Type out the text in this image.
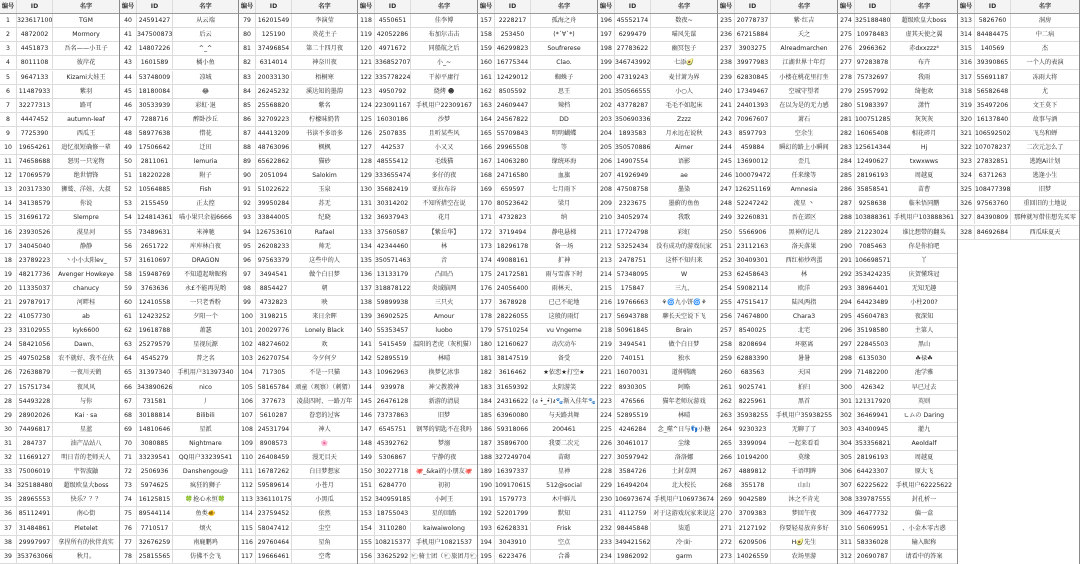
编号	ID	名字
1	323617100	TGM
2	4872002	Mormory
3	4451873	吾名——小丑子
4	8011108	彼岸花
5	9647133	Kizami大娃王
6	11487933	紫羽
7	32277313	路可
8	4447452	autumn-leaf
9	7725390	西瓜王
10	19654261	追忆很短确修一辈
11	74658688	怒男一只宠物
12	17069579	绝世情锋
13	20317330	狮鹫、洋娃、大叔
14	34138579	你说
15	31696172	Slempre
16	23930526	漠星河
17	34045040	静静
18	23789223	丶小小太阳ev_
19	48217736	Avenger Howkeye
20	11335037	chanucy
21	29787917	河畔桂
22	41057730	ab
23	33102955	kyk6600
24	58421056	Dawn、
25	49750258	农不就好、我不在伙
26	72638879	一夜川天鹤
27	15751734	夜风风
28	54493228	与你
29	28902026	Kai · sa
30	74496817	星蓝
31	284737	油产品站八
32	11669127	明日青的老师天人
33	75006019	宇智波鼬
34 325188480	超级欧皇大boss
35	28965553	快乐？？？
36	85112491	南心街
37	31484861	Pletelet
38	29997997	拿捏所有的伙伴真实
39 353763066	秋月。
编号	ID	名字
40	24591427	从云端
41 347500873	后云
42	14807226	^_^
43	1601589	橘小鱼
44	53748009	凉城
45	18180084	😂
46	30533939	彩虹·退
47	7288716	醉卧沙丘
48	58977638	惜花
49	17506642	迁田
50	2811061	lemuria
51	18220228	附子
52	10564885	Fish
53	2155459	正太控
54 124814361	喵小果只余福6666
55	73489631	米神驰
56	2651722	库库林白夜
57	31610697	DRAGON
58	15948769	不知道起啥昵称
59	3763636	永£不能再见哟
60	12410558	一只老香粉
61	12423252	夕阳一个
62	19618788	萧瑟
63	25279579	星视玩源
64	4545279	普之名
65	31397340	手机用户31397340
66 343890626	nico
67	731581	丿
68	30188814	Bilibili
69	14810646	星派
70	3080885	Nightmare
71	33239541	QQ用户33239541
72	2506936	Danshengou@
73	5974625	疯狂的狮子
74	16125815	🍀抢心永恒🍀
75	89544114	鱼类🐠
76	7710517	烦火
77	32676259	南鹿鹏鸡
78	25815565	仿佛不会飞
编号	ID	名字
79	16201549	李演莹
80	125190	炎花主子
81	37496854	第二十四月夜
82	6314014	神奈川夜
83	20033130	梧桐寒
84	26245232	溪达知的墨韵
85	25568820	紫名
86	32709223	柠檬味奶昔
87	44413209	书读不多语多
88	48763096	枫枫
89	65622862	猫砂
90	2051094	Salokim
91	51022622	玉泉
92	39950284	苏无
93	33844005	纪晓
94 126753610	Rafael
95	26208233	帅无
96	97563379	这些中的人
97	3494541	做个白日梦
98	8854427	朝
99	4732823	映
100	3198215	来日余晖
101 20029776	Lonely Black
102 48274602	欢
103 26270754	今夕何夕
104	717305	不是一只猫
105 58165784 顽童（观察）（刺猬）
106	377673	凌晨四时、一路万年
107	5610287	眷恋的过客
108 24531794	神人
109	8908573	🌸
110 26408459	漫无目天
111 16787262	白日梦想家
112 59589614	小苍月
113 336110175	小黑瓜
114 23759452	依然
115 58047412	尘空
116 29760464	星角
117 19666461	空鸢
编号	ID	名字
118	4550651	佳李博
119 42052286	布加尔击击
120	4971672	同船航之后
121 336852707	小_~
122 335778224	干掉平庸行
123	4950792	烧烤 ☻
124 223091167 手机用户22309167
125 16030186	沙梦
126	2507835	且听某些风
127	442537	小又又
128 48555412	毛线猫
129 333655474	多仔的夜
130 35682419	亚拉布谷
131 30314202	不知所措空在说
132 36937943	花月
133 37560587	【紫岳华】
134 42344460	林
135 350571463	音
136 13133179	凸回凸
137 318878122	炎域脑网
138 59899938	三只火
139 36902525	Amour
140 55353457	luobo
141	5415459	温阳的老虎（灰机猫）
142 52895519	林晴
143 10962963	换梦亿冰事
144	939978	神父教教神
145 26476128	新游的清晨
146 73737863	旧梦
147	6545751	钢琴的钥匙不在我吗
148 45392762	梦溺
149	5306867	宁静的夜
150 30227718	🐙_&kai的小朋友🐙
151	6284770	初初
152 340959185	小阿王
153 18755043	星的回路
154	3110280	kaiwaiwolong
155 108215377 手机用户10821537
156 33625292 🐑骑士团（🐑旅团月🐑
编号	ID	名字
157	2228217	孤海之舟
158	253450	(*´∀`*)
159 46299823	Soufrerese
160 16775344	Clao.
161 12429012	蜘蛛子
162	8505592	思王
163 24609447	辣档
164 24567822	DD
165 55709843	明明蝴蝶
166 29965508	等
167 14063280	缘统环海
168 24716580	血旗
169	659597	七月雨下
170 80523642	梁月
171	4732823	纳
172	3719494	静电悬梯
173 18296178	备一场
174 49088161	扩神
175 24172581	雨与雪落下时
176 24056400	雨林天、
177	3678928	已己不砣地
178 28226055	这般的雨灯
179 57510254	vu Vngeme
180 12160627	动次动车
181 38147519	备受
182	3616462	★依恋★打空★
183 31659392	太阴游笑
184 24316622 (ง •̀_•́)ง🐾渐入佳年🐾
185 63960080	与天路共舞
186 59318066	200461
187 35896700	我要二次元
188 327249704	苗砌
189 16397337	星禅
190 109170615	512@social
191	1579773	木中鲜儿
192 52201799	默知
193 62628331	Frisk
194	3043910	空点
195	6223476	合番
编号	ID	名字
196 45552174	数夜~
197	6299479	喵风先谋
198 27783622	幽冥包子
199 346743992	七添🥑
200 47319243	麦甘萧为界
201 350566555	小○人
202 43778287	毛毛不如起床
203 350690336	Zzzz
204	1893583	月永远在说秋
205 350570886	Aimer
206 14907554	语影
207 41926949	ae
208 47508758	墨染
209	2323675	墨蔚的鱼鱼
210 34052974	我歌
211 17724798	彩虹
212 53252434	没有成功的游戏玩家
213	2478751	这杯不知归来
214 57348095	W
215	175847	三九、
216 19766663	⚘🌀九小饼🌀⚘
217 56943788	聊长天空说下飞
218 50961845	Brain
219	3494541	做个白日梦
220	740151	独水
221 16070031	道伸腾跳
222	8930305	阿略
223	476566	猫年老师玩游戏
224 52895519	林晴
225	4246284	念_噬^日与👣小糖
226 30461017	尘缘
227 30597942	洛洛娜
228	3584726	土封草网
229 16494204	北大校长
230 106973674 手机用户106973674
231	4112759	对于这游戏玩家来说这
232 98445848	柒遥
233 349421562	冷·面·
234 19862092	garm
编号	ID	名字
235 20778737	紫·红吉
236 67215884	夭之
237	3903275	Alreadmarchen
238 39977983	江湖世界十年灯
239 62830845	小楼在桃花里打坐
240 17349467	空城守望者
241 24401393	在以为是的无力感
242 70967607	萧石
243	8597793	空余生
244	459884	瞬幻的路上小瞬间
245 13690012	歪几
246 100079472	任来缘等
247 126251169	Amnesia
248 52247242	流星 丶
249 32260831	吾在郊区
250	5566906	黑神的记儿
251 23112163	洛天落果
252 30409301	西红柿炒鸡蛋
253 62458643	林
254 59082114	欧洋
255 47515417	陆风两指
256 74674800	Chara3
257	8540025	北宅
258	8208694	坏驱离
259 62883390	暑暑
260	683563	天国
261	9025741	拍归
262	8225961	黑首
263 35938255	手机用户35938255
264	9230323	无聊了了
265	3399094	一起来看看
266 10194200	莫缘
267	4889812	千语明眸
268	355178	山山
269	9042589	沐之不肯光
270	3709383	梦回午夜
271	2127192	你要轻易放弃多好
272	6209506	H🥑先生
273 14026559	农场里游
编号	ID	名字
274 325188480	超级欧皇大boss
275 10978483	虚其天使之翼
276	2966362	赤dxxzzz⁴
277 97283878	布卉
278 75732697	我雨
279 25957992	绮他欢
280 51983397	潇竹
281 100751285	灰灰灰
282 16065408	相花碎月
283 125614344	Hj
284 12490627	txwxwws
285 28196193	周越夏
286 35858541	苗曹
287	9258638	临米悟同鹏
288 103888361 手机用户103888361
289 21223024	谁比想带的翻头
290	7085463	你是你拍吧
291 106698571	丫
292 353424235	庆贺懂珠冠
293 38964401	无知无趣
294 64423489	小柱200?
295 45604783	夜深知
296 35198580	主第人
297 22845503	黑山
298	6135030	☘禄☘
299 71482200	池学雅
300	426342	早已过去
301 121317920	英则
302 36469941	∟ムの Daring
303 43400945	灌九
304 353356821	Aeoldalf
305 28196193	周越夏
306 64423307	原大飞
307 62225622	手机用户62225622
308 339787555	封孔析一
309 46477732	偏一盒
310 56069951	、小金木零古惑
311 58336028	输入昵称
312 20690787	请看中的答案
编号	ID	名字
313	5826760	洞房
314 84484475	中二病
315	140569	杰
316 39390865	一个人的表演
317 55691187	冻雨大将
318 56582648	尤
319 35497206	文王莫下
320 16137840	故事与酒
321 106592502	飞鸟和蝉
322 107078237	二次元怎么了
323 27832851	逃跑Ai计划
324	6371263	逃逢小生
325 108477398	旧梦
326 97563760	重回旧的土地说
327 84390809 那种就写借佳想先买零
328 84692684	西瓜味夏天
